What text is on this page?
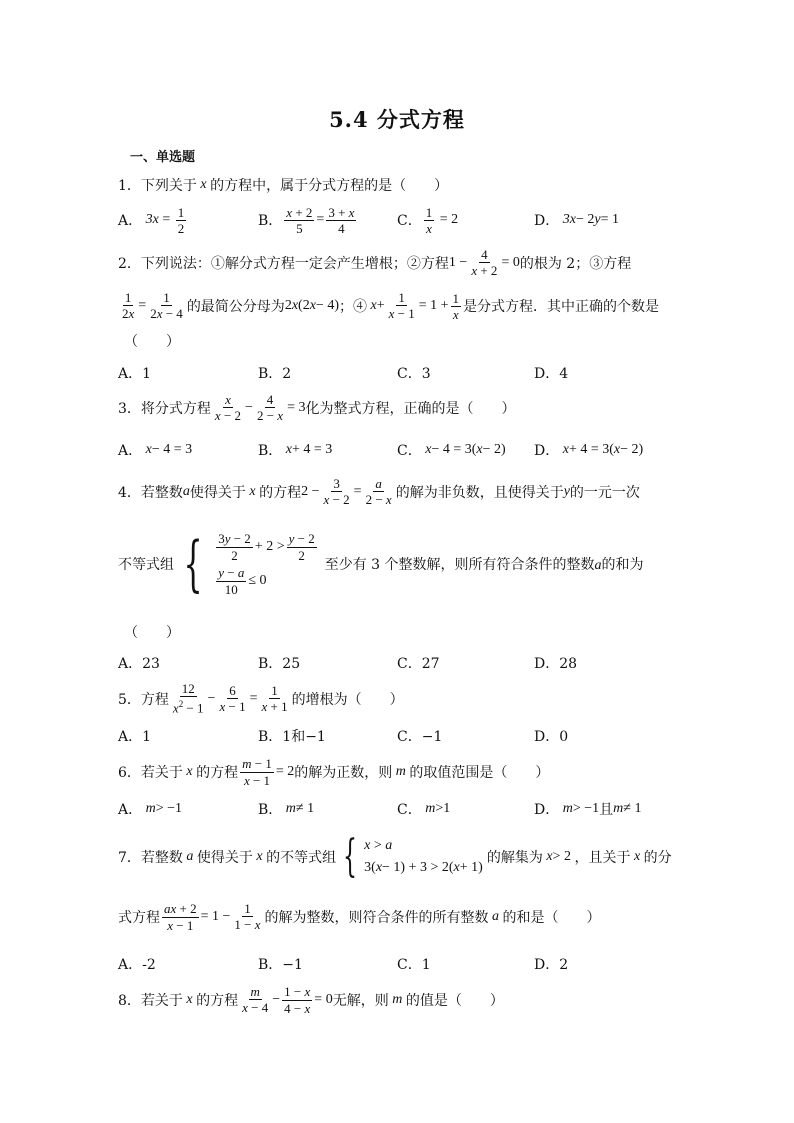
5.4 分式方程
一、单选题
1．下列关于 x 的方程中，属于分式方程的是（　　）
A． $3x = \frac{1}{2}$	B． $\frac{x + 2}{5} = \frac{3 + x}{4}$	C． $\frac{1}{x} = 2$	D． 3x − 2 y = 1
2．下列说法：①解分式方程一定会产生增根；②方程 $1 - \frac{4}{x + 2} = 0$ 的根为 2；③方程
$\frac{1}{2x} = \frac{1}{2x - 4}$ 的最简公分母为 2 x (2 x − 4) ；④ $x + \frac{1}{x - 1} = 1 + \frac{1}{x}$ 是分式方程．其中正确的个数是
（　　）
A．1	B．2	C．3	D．4
3．将分式方程 $\frac{x}{x - 2} - \frac{4}{2 - x} = 3$ 化为整式方程，正确的是（　　）
A． x − 4 = 3	B． x + 4 = 3	C． x − 4 = 3( x − 2) D． x + 4 = 3( x − 2)
4．若整数 a 使得关于 x 的方程 $2 - \frac{3}{x - 2} = \frac{a}{2 - x}$ 的解为非负数，且使得关于 y 的一元一次
不等式组 { $\frac{3y - 2}{2} + 2 > \frac{y - 2}{2}$
$\frac{y - a}{10} \le 0$
至少有 3 个整数解，则所有符合条件的整数a的和为
（　　）
A．23	B．25	C．27	D．28
5．方程 $\frac{12}{x^2 - 1} - \frac{6}{x - 1} = \frac{1}{x + 1}$ 的增根为（　　）
A．1	B．1和−1	C．−1	D．0
6．若关于 x 的方程 $\frac{m - 1}{x - 1} = 2$ 的解为正数，则 m 的取值范围是（　　）
A． m > −1	B． m ≠ 1	C． m >1	D． m > −1 且 m ≠ 1
7．若整数 a 使得关于 x 的不等式组 { x > a
3( x − 1) + 3 > 2( x + 1)
的解集为 x > 2 ，且关于 x 的分
式方程 $\frac{ax + 2}{x - 1} = 1 - \frac{1}{1 - x}$ 的解为整数，则符合条件的所有整数 a 的和是（　　）
A．-2	B．−1	C．1	D．2
8．若关于 x 的方程 $\frac{m}{x - 4} - \frac{1 - x}{4 - x} = 0$ 无解，则 m 的值是（　　）
